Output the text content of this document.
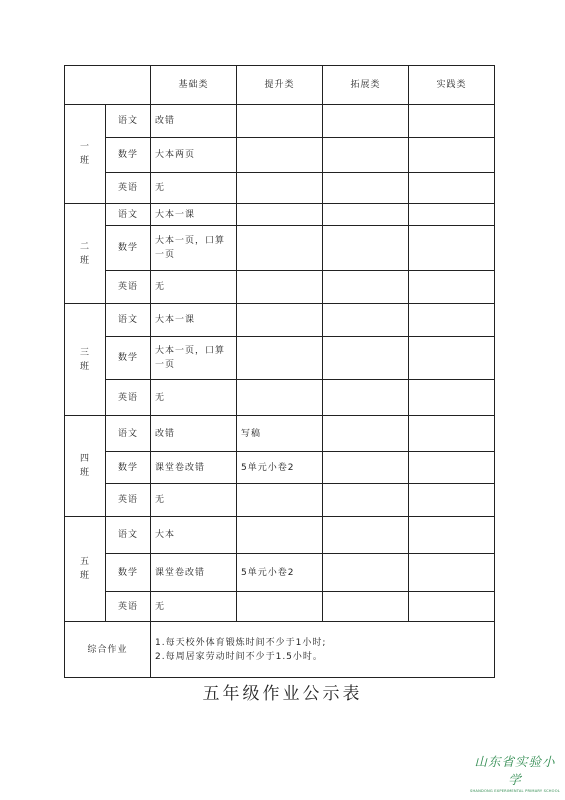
		基础类	提升类	拓展类	实践类
一
班	语文	改错			
	数学	大本两页			
	英语	无			
二
班	语文	大本一课			
	数学	大本一页，口算一页			
	英语	无			
三
班	语文	大本一课			
	数学	大本一页，口算一页			
	英语	无			
四
班	语文	改错	写稿		
	数学	课堂卷改错	5单元小卷2		
	英语	无			
五
班	语文	大本			
	数学	课堂卷改错	5单元小卷2		
	英语	无			
综合作业		1.每天校外体育锻炼时间不少于1小时;
2.每周居家劳动时间不少于1.5小时。			
五年级作业公示表
山东省实验小学
SHANDONG EXPERIMENTAL PRIMARY SCHOOL
